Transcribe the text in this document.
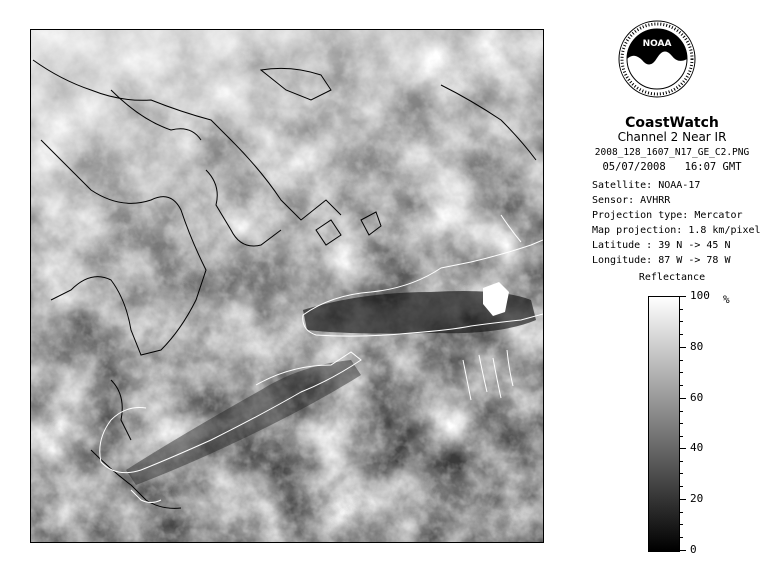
NOAA
CoastWatch
Channel 2 Near IR
2008_128_1607_N17_GE_C2.PNG
05/07/2008   16:07 GMT
Satellite: NOAA-17
Sensor: AVHRR
Projection type: Mercator
Map projection: 1.8 km/pixel
Latitude : 39 N -> 45 N
Longitude: 87 W -> 78 W
Reflectance
%
100
80
60
40
20
0
